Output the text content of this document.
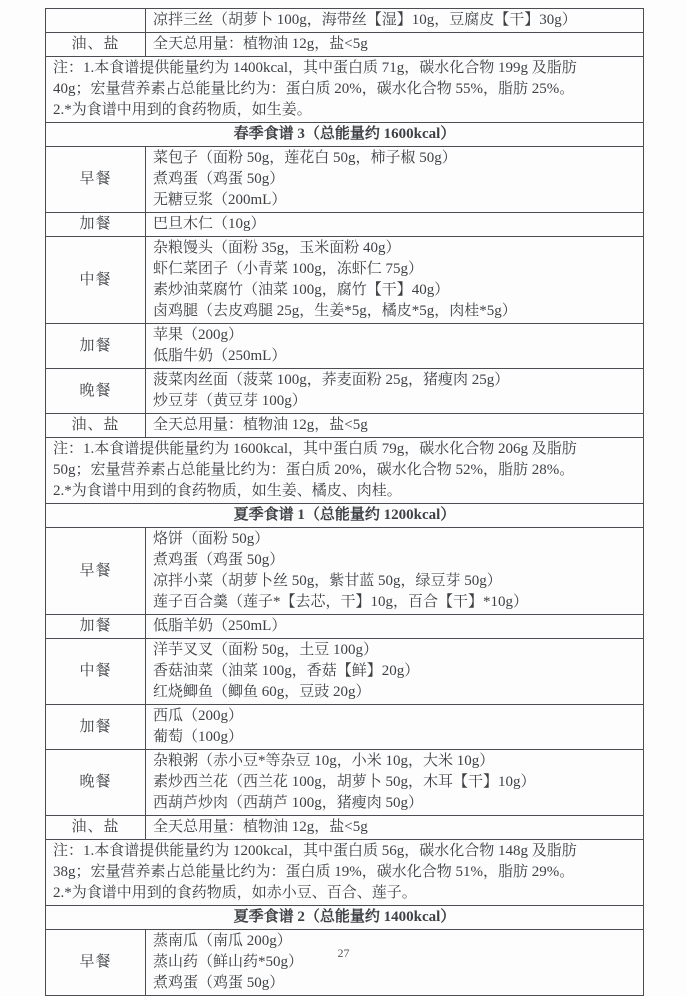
	凉拌三丝（胡萝卜 100g，海带丝【湿】10g，豆腐皮【干】30g）

油、盐	全天总用量：植物油 12g，盐<5g

注：1.本食谱提供能量约为 1400kcal，其中蛋白质 71g，碳水化合物 199g 及脂肪
40g；宏量营养素占总能量比约为：蛋白质 20%，碳水化合物 55%，脂肪 25%。
2.*为食谱中用到的食药物质，如生姜。	

春季食谱 3（总能量约 1600kcal）	
早餐	菜包子（面粉 50g，莲花白 50g，柿子椒 50g）
煮鸡蛋（鸡蛋 50g）
无糖豆浆（200mL）

加餐	巴旦木仁（10g）

中餐	杂粮馒头（面粉 35g，玉米面粉 40g）
虾仁菜团子（小青菜 100g，冻虾仁 75g）
素炒油菜腐竹（油菜 100g，腐竹【干】40g）
卤鸡腿（去皮鸡腿 25g，生姜*5g，橘皮*5g，肉桂*5g）

加餐	苹果（200g）
低脂牛奶（250mL）

晚餐	菠菜肉丝面（菠菜 100g，荞麦面粉 25g，猪瘦肉 25g）
炒豆芽（黄豆芽 100g）

油、盐	全天总用量：植物油 12g，盐<5g

注：1.本食谱提供能量约为 1600kcal，其中蛋白质 79g，碳水化合物 206g 及脂肪
50g；宏量营养素占总能量比约为：蛋白质 20%，碳水化合物 52%，脂肪 28%。
2.*为食谱中用到的食药物质，如生姜、橘皮、肉桂。	

夏季食谱 1（总能量约 1200kcal）	
早餐	烙饼（面粉 50g）
煮鸡蛋（鸡蛋 50g）
凉拌小菜（胡萝卜丝 50g，紫甘蓝 50g，绿豆芽 50g）
莲子百合羹（莲子*【去芯，干】10g，百合【干】*10g）

加餐	低脂羊奶（250mL）

中餐	洋芋叉叉（面粉 50g，土豆 100g）
香菇油菜（油菜 100g，香菇【鲜】20g）
红烧鲫鱼（鲫鱼 60g，豆豉 20g）

加餐	西瓜（200g）
葡萄（100g）

晚餐	杂粮粥（赤小豆*等杂豆 10g，小米 10g，大米 10g）
素炒西兰花（西兰花 100g，胡萝卜 50g，木耳【干】10g）
西葫芦炒肉（西葫芦 100g，猪瘦肉 50g）

油、盐	全天总用量：植物油 12g，盐<5g

注：1.本食谱提供能量约为 1200kcal，其中蛋白质 56g，碳水化合物 148g 及脂肪
38g；宏量营养素占总能量比约为：蛋白质 19%，碳水化合物 51%，脂肪 29%。
2.*为食谱中用到的食药物质，如赤小豆、百合、莲子。	

夏季食谱 2（总能量约 1400kcal）	
早餐	蒸南瓜（南瓜 200g）
蒸山药（鲜山药*50g）
煮鸡蛋（鸡蛋 50g）
27
